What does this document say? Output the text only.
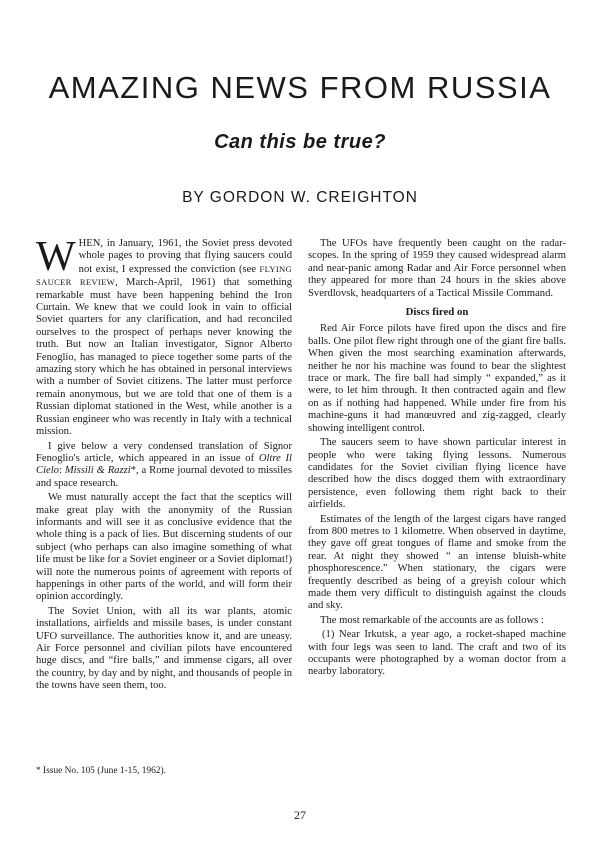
AMAZING NEWS FROM RUSSIA
Can this be true?
BY GORDON W. CREIGHTON

WHEN, in January, 1961, the Soviet press devoted whole pages to proving that flying saucers could not exist, I expressed the conviction (see FLYING SAUCER REVIEW, March-April, 1961) that something remarkable must have been happening behind the Iron Curtain. We knew that we could look in vain to official Soviet quarters for any clarification, and had reconciled ourselves to the prospect of perhaps never knowing the truth. But now an Italian investigator, Signor Alberto Fenoglio, has managed to piece together some parts of the amazing story which he has obtained in personal interviews with a number of Soviet citizens. The latter must perforce remain anonymous, but we are told that one of them is a Russian diplomat stationed in the West, while another is a Russian engineer who was recently in Italy with a technical mission.

I give below a very condensed translation of Signor Fenoglio's article, which appeared in an issue of Oltre Il Cielo: Missili & Razzi*, a Rome journal devoted to missiles and space research.

We must naturally accept the fact that the sceptics will make great play with the anonymity of the Russian informants and will see it as conclusive evidence that the whole thing is a pack of lies. But discerning students of our subject (who perhaps can also imagine something of what life must be like for a Soviet engineer or a Soviet diplomat!) will note the numerous points of agreement with reports of happenings in other parts of the world, and will form their opinion accordingly.

The Soviet Union, with all its war plants, atomic installations, airfields and missile bases, is under constant UFO surveillance. The authorities know it, and are uneasy. Air Force personnel and civilian pilots have encountered huge discs, and “fire balls,” and immense cigars, all over the country, by day and by night, and thousands of people in the towns have seen them, too.

The UFOs have frequently been caught on the radar-scopes. In the spring of 1959 they caused widespread alarm and near-panic among Radar and Air Force personnel when they appeared for more than 24 hours in the skies above Sverdlovsk, headquarters of a Tactical Missile Command.

Discs fired on

Red Air Force pilots have fired upon the discs and fire balls. One pilot flew right through one of the giant fire balls. When given the most searching examination afterwards, neither he nor his machine was found to bear the slightest trace or mark. The fire ball had simply “ expanded,” as it were, to let him through. It then contracted again and flew on as if nothing had happened. While under fire from his machine-guns it had manœuvred and zig-zagged, clearly showing intelligent control.

The saucers seem to have shown particular interest in people who were taking flying lessons. Numerous candidates for the Soviet civilian flying licence have described how the discs dogged them with extraordinary persistence, even following them right back to their airfields.

Estimates of the length of the largest cigars have ranged from 800 metres to 1 kilometre. When observed in daytime, they gave off great tongues of flame and smoke from the rear. At night they showed “ an intense bluish-white phosphorescence.” When stationary, the cigars were frequently described as being of a greyish colour which made them very difficult to distinguish against the clouds and sky.

The most remarkable of the accounts are as follows :

(1) Near Irkutsk, a year ago, a rocket-shaped machine with four legs was seen to land. The craft and two of its occupants were photographed by a woman doctor from a nearby laboratory.

* Issue No. 105 (June 1-15, 1962).
27
